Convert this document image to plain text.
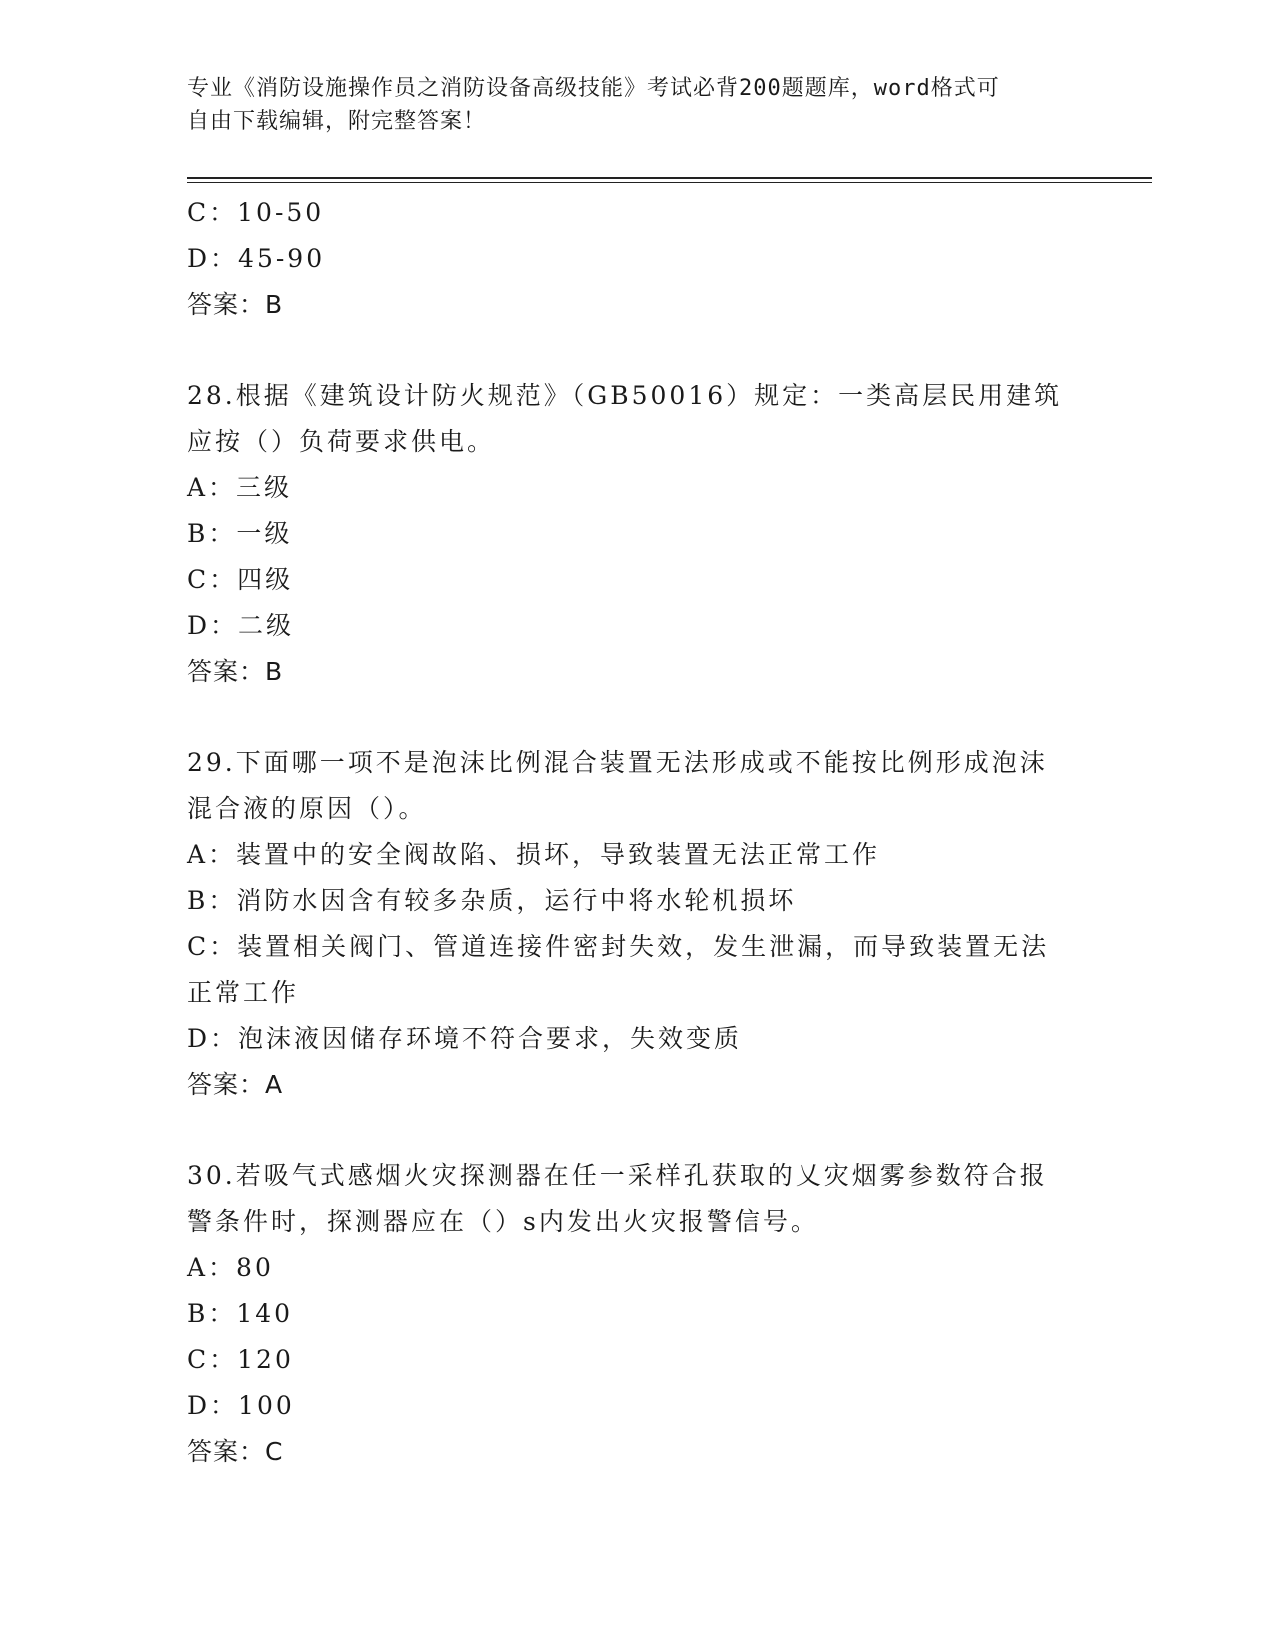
专业《消防设施操作员之消防设备高级技能》考试必背200题题库，word格式可
自由下载编辑，附完整答案！
C：10-50
D：45-90
答案：B
28.根据《建筑设计防火规范》（GB50016）规定：一类高层民用建筑
应按（）负荷要求供电。
A：三级
B：一级
C：四级
D：二级
答案：B
29.下面哪一项不是泡沫比例混合装置无法形成或不能按比例形成泡沫
混合液的原因（）。
A：装置中的安全阀故陷、损坏，导致装置无法正常工作
B：消防水因含有较多杂质，运行中将水轮机损坏
C：装置相关阀门、管道连接件密封失效，发生泄漏，而导致装置无法
正常工作
D：泡沫液因储存环境不符合要求，失效变质
答案：A
30.若吸气式感烟火灾探测器在任一采样孔获取的乂灾烟雾参数符合报
警条件时，探测器应在（）s内发出火灾报警信号。
A：80
B：140
C：120
D：100
答案：C
